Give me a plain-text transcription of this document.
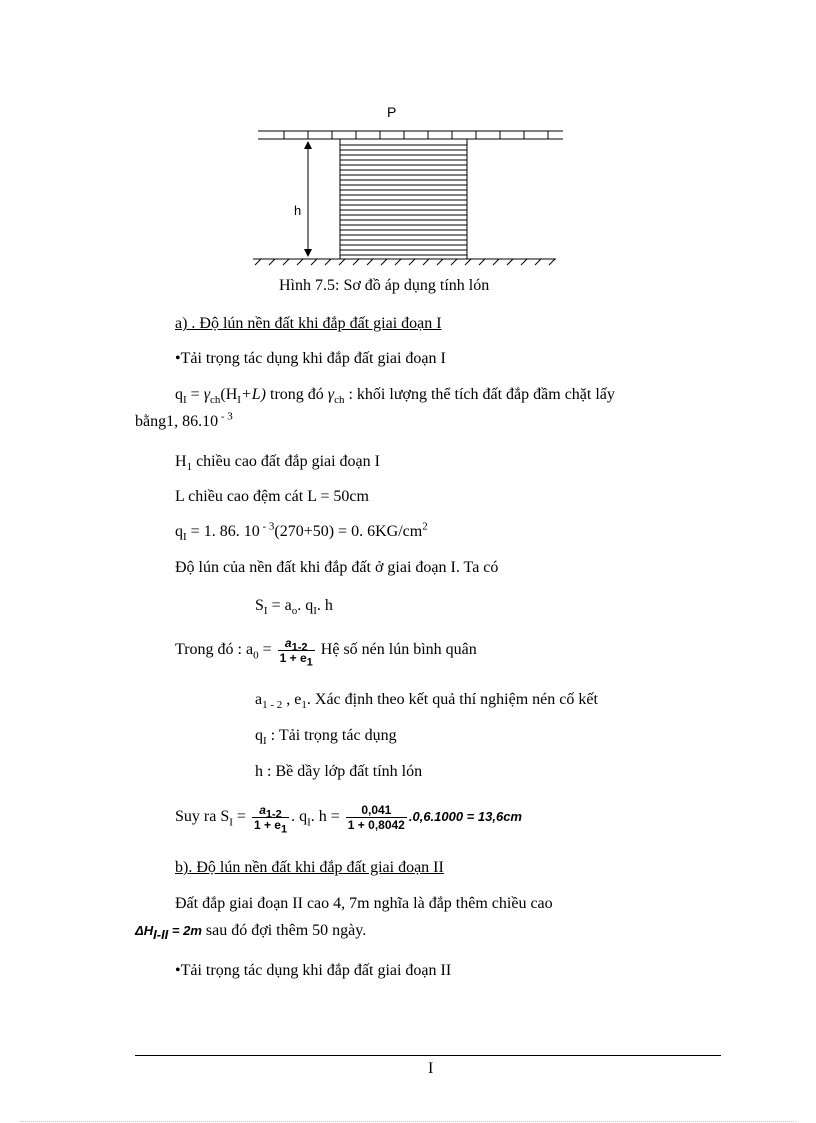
P
h
Hình 7.5: Sơ đồ áp dụng tính lón
a) . Độ lún nền đất khi đắp đất giai đoạn I
•Tải trọng tác dụng khi đắp đất giai đoạn I
$q_I = \gamma_{ch}(H_I+L)$ trong đó $\gamma_{ch}$ : khối lượng thể tích đất đắp đầm chặt lấy
bằng1, 86.10 $^{- 3}$
$H_1$ chiều cao đất đắp giai đoạn I
L chiều cao đệm cát L = 50cm
$q_I = 1$. 86. 10 $^{- 3}$(270+50) = 0. $6KG/cm^2$
Độ lún của nền đất khi đắp đất ở giai đoạn I. Ta có
$S_I = a_o$. $q_I$. h
Trong đó : $a_0 = \frac{a_{1-2}}{1 + e_1}$ Hệ số nén lún bình quân
$a_{1 - 2}$ , $e_1$. Xác định theo kết quả thí nghiệm nén cố kết
$q_I$ : Tải trọng tác dụng
h : Bề dầy lớp đất tính lón
Suy ra $S_I = \frac{a_{1-2}}{1 + e_1}$ . $q_I$. $h = \frac{0,041}{1 + 0,8042} .0,6.1000 = 13,6cm$
b). Độ lún nền đất khi đắp đất giai đoạn II
Đất đắp giai đoạn II cao 4, 7m nghĩa là đắp thêm chiều cao
$\Delta H_{I-II} = 2m$ sau đó đợi thêm 50 ngày.
•Tải trọng tác dụng khi đắp đất giai đoạn II
I
